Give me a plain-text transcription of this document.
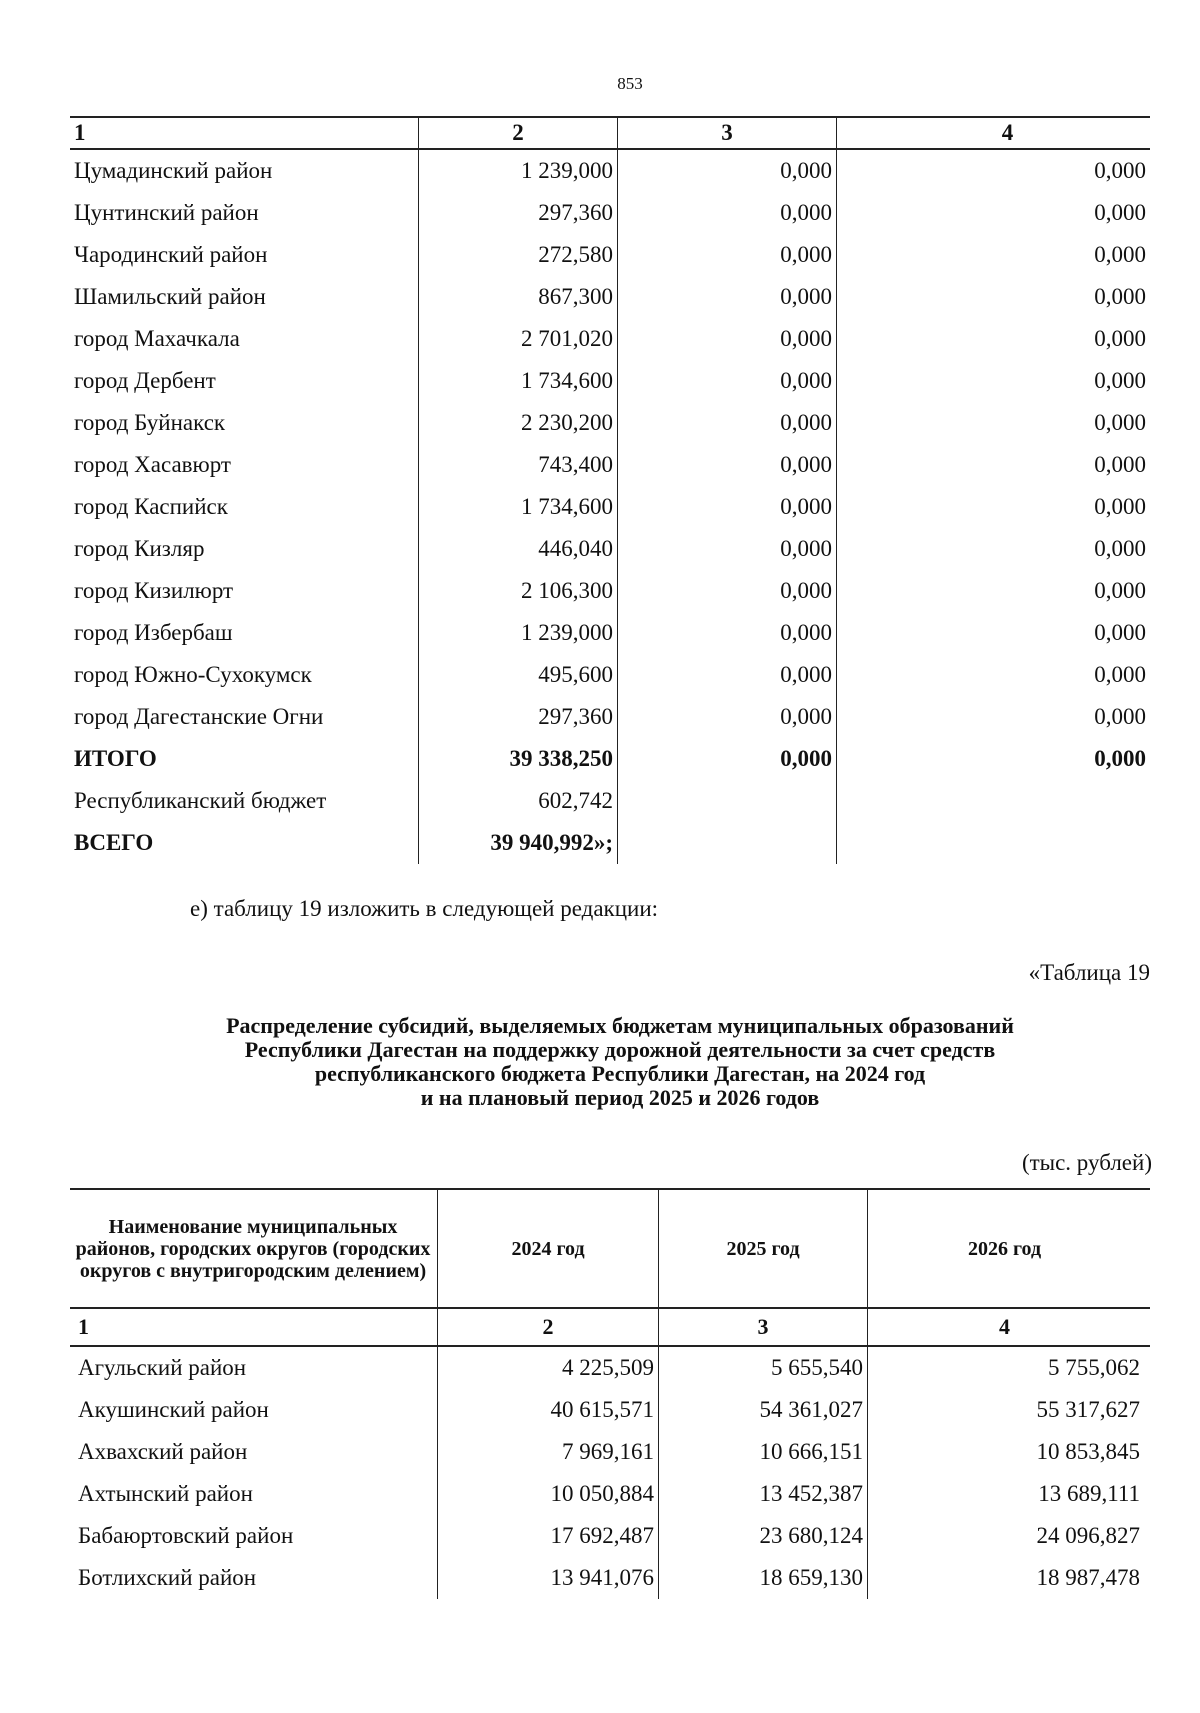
853
1	2	3		4
Цумадинский район	1 239,000	0,000		0,000
Цунтинский район	297,360	0,000		0,000
Чародинский район	272,580	0,000		0,000
Шамильский район	867,300	0,000		0,000
город Махачкала	2 701,020	0,000		0,000
город Дербент	1 734,600	0,000		0,000
город Буйнакск	2 230,200	0,000		0,000
город Хасавюрт	743,400	0,000		0,000
город Каспийск	1 734,600	0,000		0,000
город Кизляр	446,040	0,000		0,000
город Кизилюрт	2 106,300	0,000		0,000
город Избербаш	1 239,000	0,000		0,000
город Южно-Сухокумск	495,600	0,000		0,000
город Дагестанские Огни	297,360	0,000		0,000
ИТОГО	39 338,250	0,000		0,000
Республиканский бюджет	602,742			
ВСЕГО	39 940,992»;			
е) таблицу 19 изложить в следующей редакции:
«Таблица 19
Распределение субсидий, выделяемых бюджетам муниципальных образований
Республики Дагестан на поддержку дорожной деятельности за счет средств
республиканского бюджета Республики Дагестан, на 2024 год
и на плановый период 2025 и 2026 годов
(тыс. рублей)
Наименование муниципальных районов, городских округов (городских округов с внутригородским делением)	2024 год	2025 год	2026 год
1	2	3	4
Агульский район	4 225,509	5 655,540	5 755,062
Акушинский район	40 615,571	54 361,027	55 317,627
Ахвахский район	7 969,161	10 666,151	10 853,845
Ахтынский район	10 050,884	13 452,387	13 689,111
Бабаюртовский район	17 692,487	23 680,124	24 096,827
Ботлихский район	13 941,076	18 659,130	18 987,478
